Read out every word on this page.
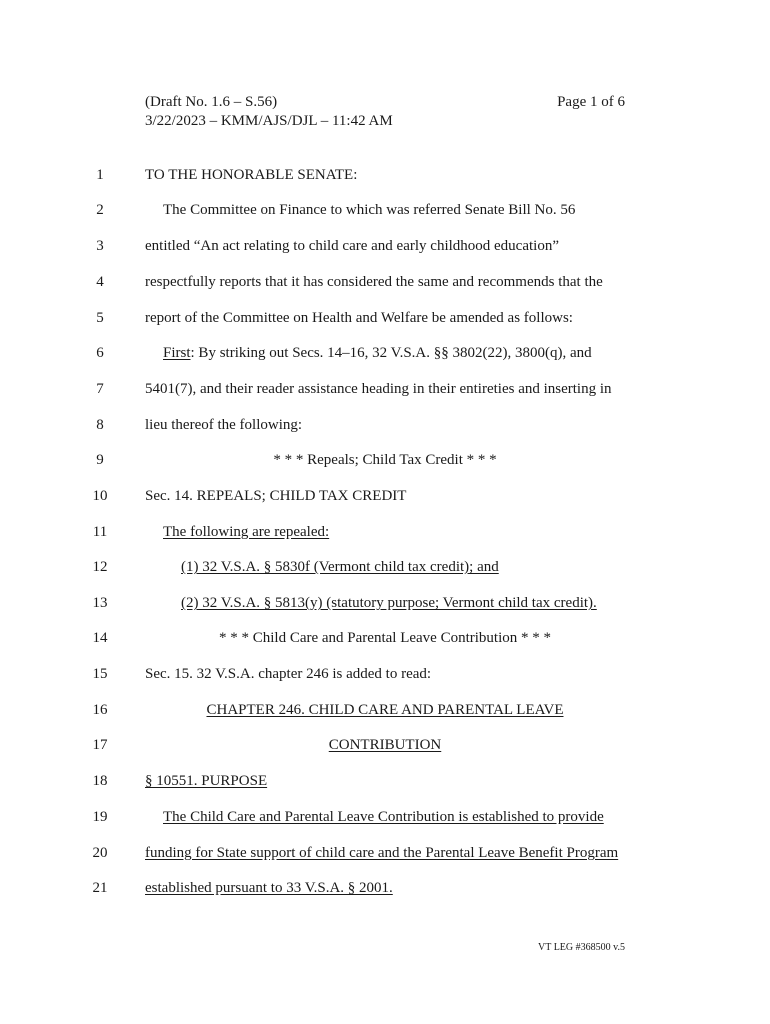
(Draft No. 1.6 – S.56)
3/22/2023 – KMM/AJS/DJL – 11:42 AM
Page 1 of 6
1	TO THE HONORABLE SENATE:
2	The Committee on Finance to which was referred Senate Bill No. 56
3	entitled “An act relating to child care and early childhood education”
4	respectfully reports that it has considered the same and recommends that the
5	report of the Committee on Health and Welfare be amended as follows:
6	First: By striking out Secs. 14–16, 32 V.S.A. §§ 3802(22), 3800(q), and
7	5401(7), and their reader assistance heading in their entireties and inserting in
8	lieu thereof the following:
9	* * * Repeals; Child Tax Credit * * *
10	Sec. 14. REPEALS; CHILD TAX CREDIT
11	The following are repealed:
12	(1) 32 V.S.A. § 5830f (Vermont child tax credit); and
13	(2) 32 V.S.A. § 5813(y) (statutory purpose; Vermont child tax credit).
14	* * * Child Care and Parental Leave Contribution * * *
15	Sec. 15. 32 V.S.A. chapter 246 is added to read:
16	CHAPTER 246. CHILD CARE AND PARENTAL LEAVE
17	CONTRIBUTION
18	§ 10551. PURPOSE
19	The Child Care and Parental Leave Contribution is established to provide
20	funding for State support of child care and the Parental Leave Benefit Program
21	established pursuant to 33 V.S.A. § 2001.
VT LEG #368500 v.5
